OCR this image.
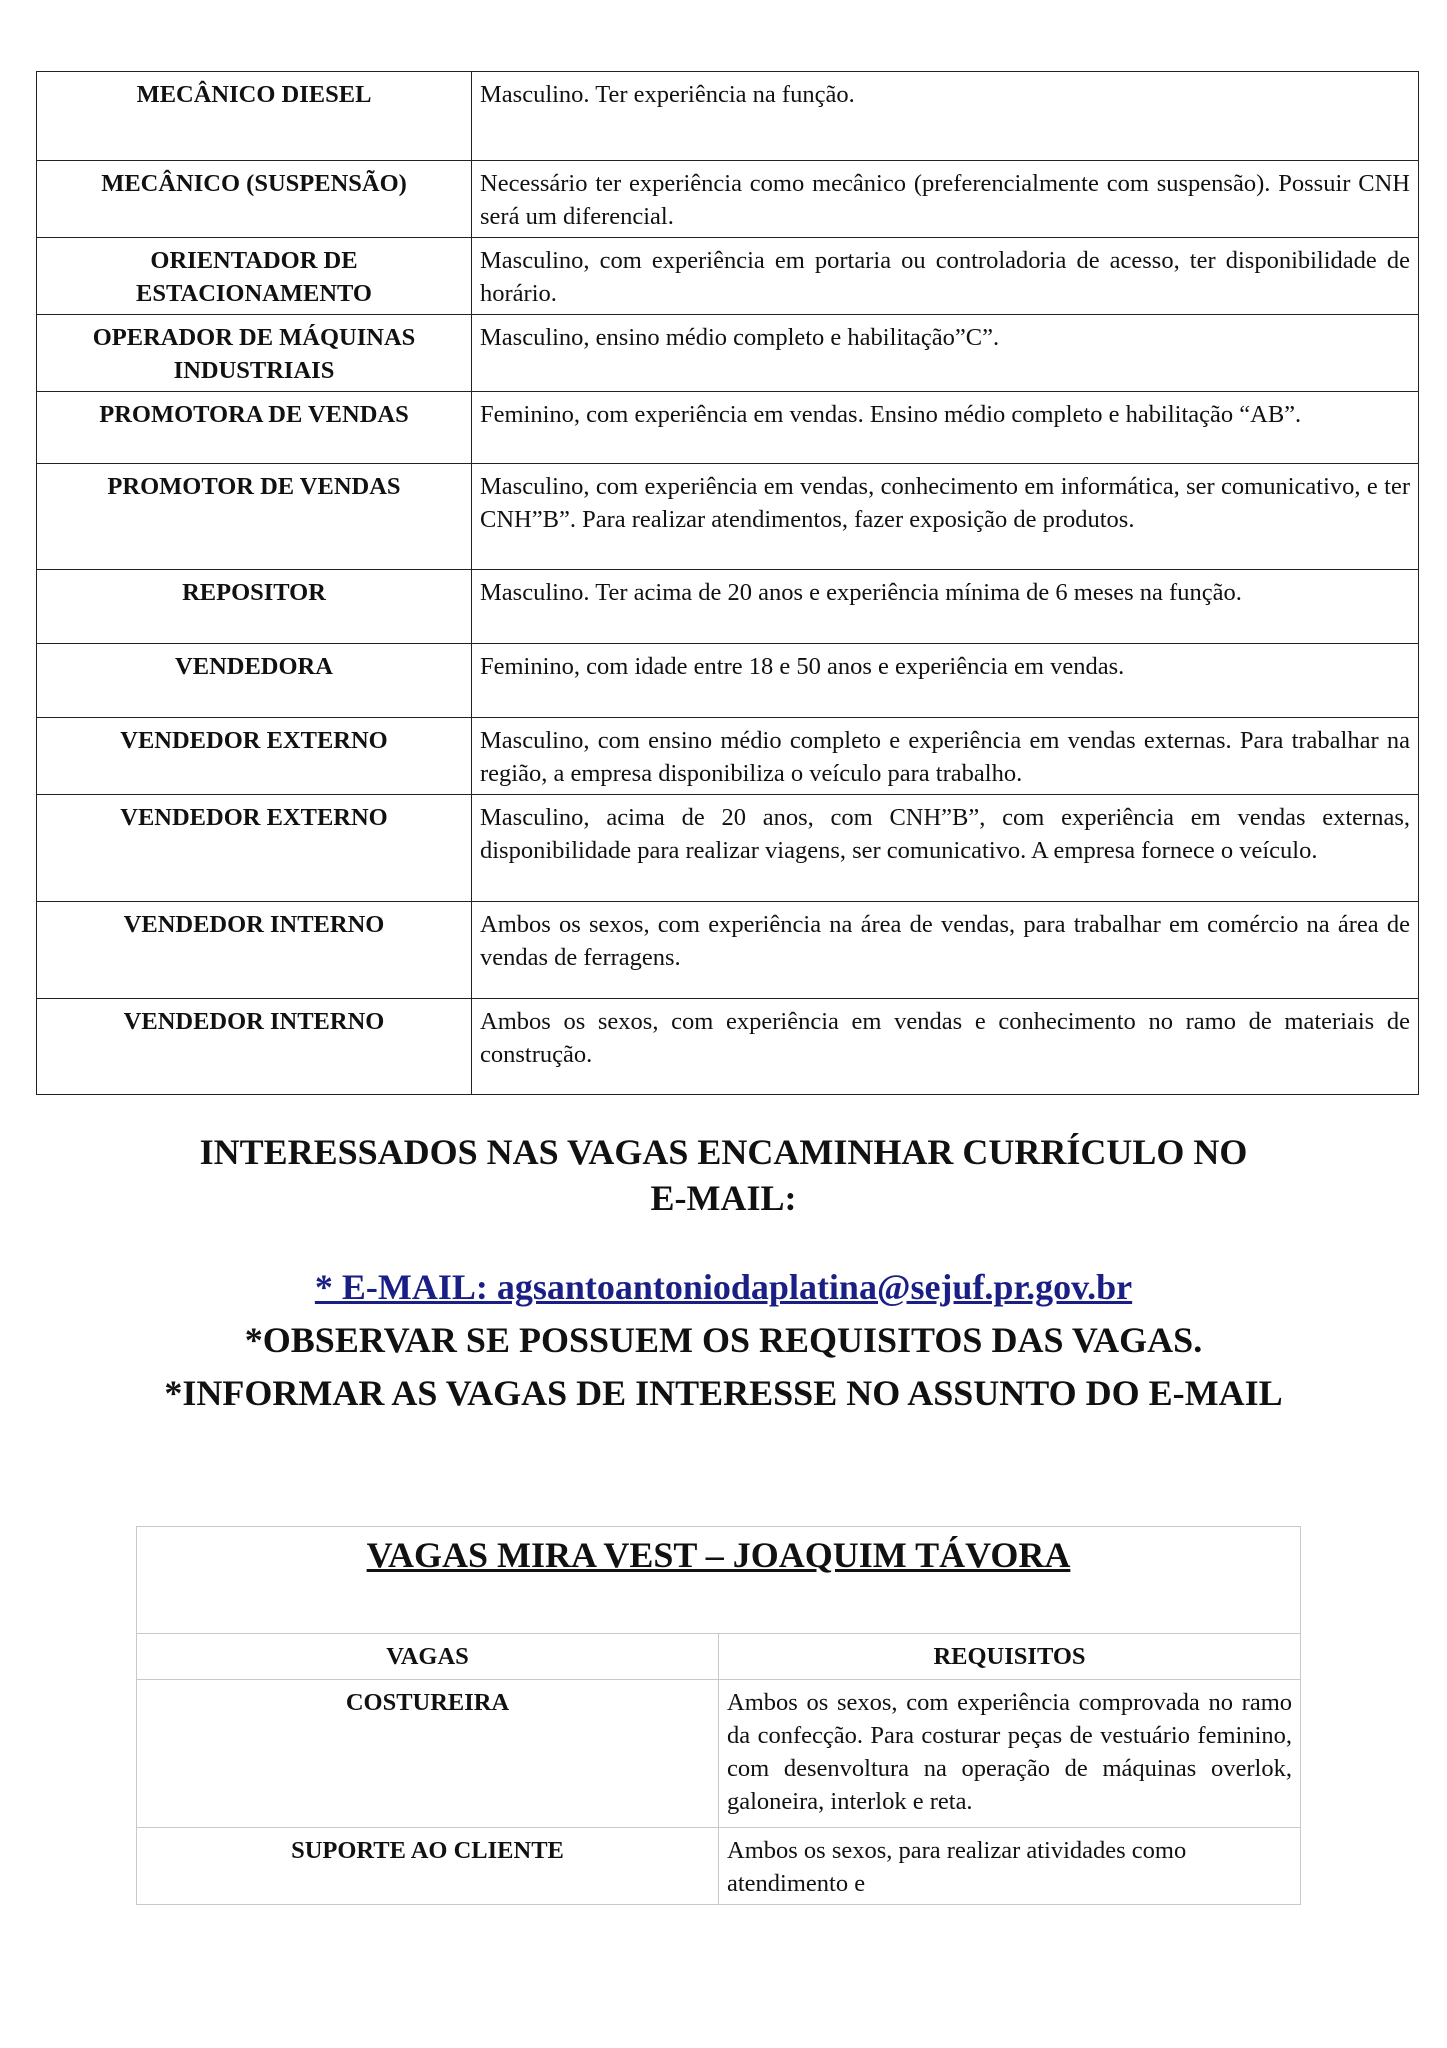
MECÂNICO DIESEL	Masculino. Ter experiência na função.
MECÂNICO (SUSPENSÃO)	Necessário ter experiência como mecânico (preferencialmente com suspensão). Possuir CNH será um diferencial.
ORIENTADOR DE ESTACIONAMENTO	Masculino, com experiência em portaria ou controladoria de acesso, ter disponibilidade de horário.
OPERADOR DE MÁQUINAS INDUSTRIAIS	Masculino, ensino médio completo e habilitação”C”.
PROMOTORA DE VENDAS	Feminino, com experiência em vendas. Ensino médio completo e habilitação “AB”.
PROMOTOR DE VENDAS	Masculino, com experiência em vendas, conhecimento em informática, ser comunicativo, e ter CNH”B”. Para realizar atendimentos, fazer exposição de produtos.
REPOSITOR	Masculino. Ter acima de 20 anos e experiência mínima de 6 meses na função.
VENDEDORA	Feminino, com idade entre 18 e 50 anos e experiência em vendas.
VENDEDOR EXTERNO	Masculino, com ensino médio completo e experiência em vendas externas. Para trabalhar na região, a empresa disponibiliza o veículo para trabalho.
VENDEDOR EXTERNO	Masculino, acima de 20 anos, com CNH”B”, com experiência em vendas externas, disponibilidade para realizar viagens, ser comunicativo. A empresa fornece o veículo.
VENDEDOR INTERNO	Ambos os sexos, com experiência na área de vendas, para trabalhar em comércio na área de vendas de ferragens.
VENDEDOR INTERNO	Ambos os sexos, com experiência em vendas e conhecimento no ramo de materiais de construção.
INTERESSADOS NAS VAGAS ENCAMINHAR CURRÍCULO NO
E-MAIL:
* E-MAIL: agsantoantoniodaplatina@sejuf.pr.gov.br
*OBSERVAR SE POSSUEM OS REQUISITOS DAS VAGAS.
*INFORMAR AS VAGAS DE INTERESSE NO ASSUNTO DO E-MAIL
VAGAS MIRA VEST – JOAQUIM TÁVORA	
VAGAS	REQUISITOS
COSTUREIRA	Ambos os sexos, com experiência comprovada no ramo da confecção. Para costurar peças de vestuário feminino, com desenvoltura na operação de máquinas overlok, galoneira, interlok e reta.
SUPORTE AO CLIENTE	Ambos os sexos, para realizar atividades como atendimento e
